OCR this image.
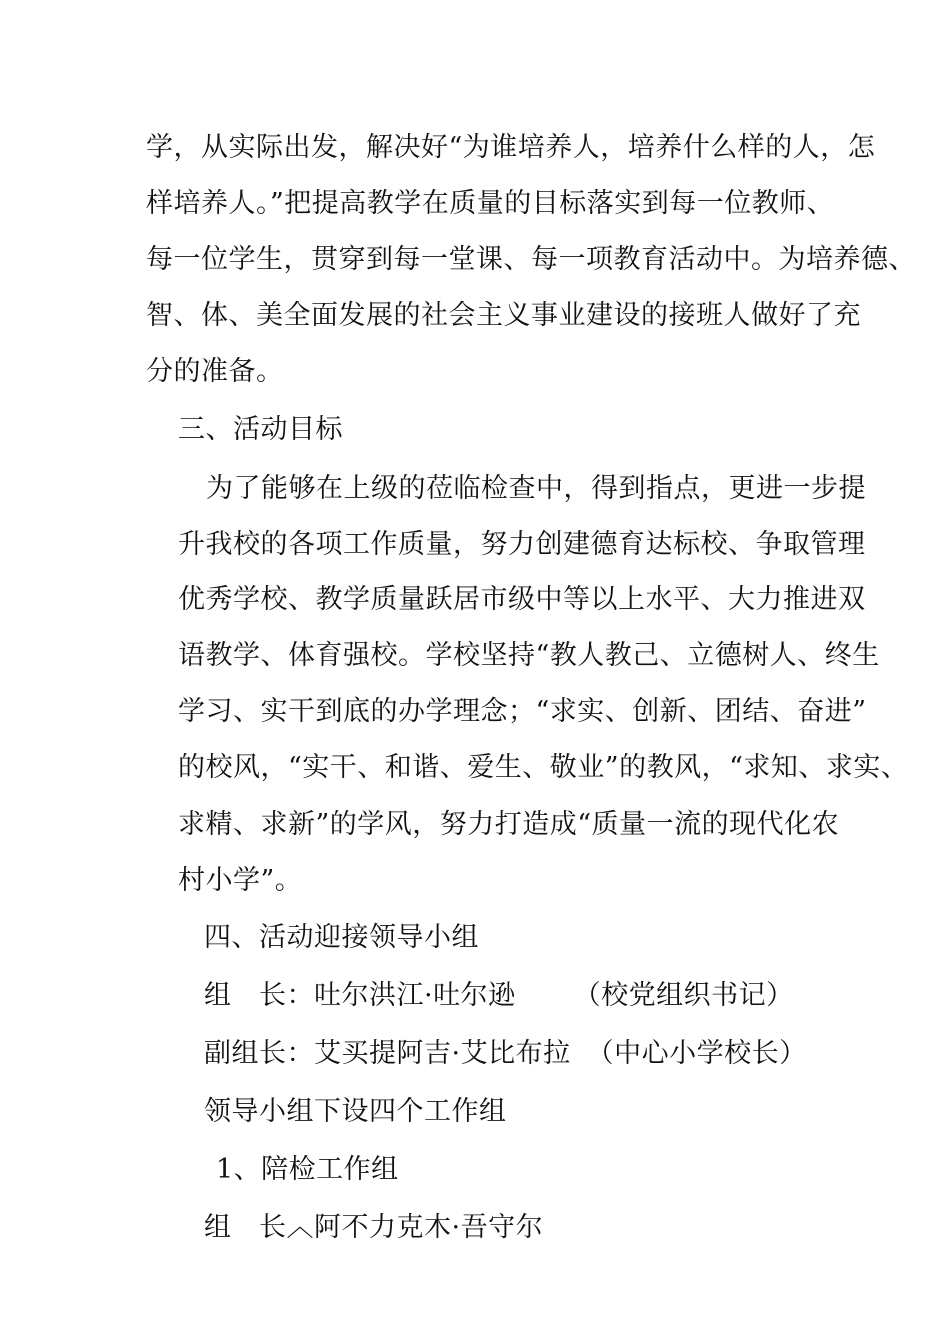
学，从实际出发，解决好“为谁培养人，培养什么样的人，怎
样培养人。”把提高教学在质量的目标落实到每一位教师、
每一位学生，贯穿到每一堂课、每一项教育活动中。为培养德、
智、体、美全面发展的社会主义事业建设的接班人做好了充
分的准备。
三、活动目标
为了能够在上级的莅临检查中，得到指点，更进一步提
升我校的各项工作质量，努力创建德育达标校、争取管理
优秀学校、教学质量跃居市级中等以上水平、大力推进双
语教学、体育强校。学校坚持“教人教己、立德树人、终生
学习、实干到底的办学理念；“求实、创新、团结、奋进”
的校风，“实干、和谐、爱生、敬业”的教风，“求知、求实、
求精、求新”的学风，努力打造成“质量一流的现代化农
村小学”。
四、活动迎接领导小组
组　长：吐尔洪江·吐尔逊 （校党组织书记）
副组长：艾买提阿吉·艾比布拉 （中心小学校长）
领导小组下设四个工作组
1、陪检工作组
组　长︿阿不力克木·吾守尔
